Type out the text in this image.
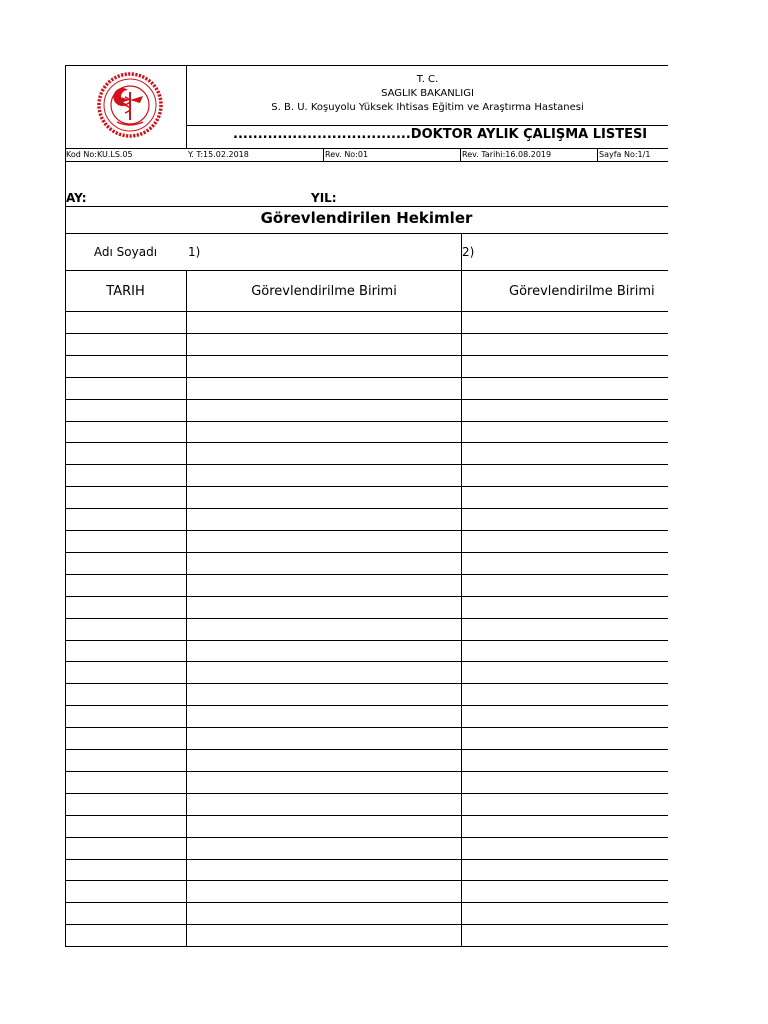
T. C.
SAĞLIK BAKANLIĞI
S. B. Ü. Koşuyolu Yüksek İhtisas Eğitim ve Araştırma Hastanesi
....................................DOKTOR AYLIK ÇALIŞMA LİSTESİ
Kod No:KU.LS.05	Y. T:15.02.2018	Rev. No:01	Rev. Tarihi:16.08.2019	Sayfa No:1/1
AY:	YIL:
Görevlendirilen Hekimler
Adı Soyadı	1)	2)
TARİH	Görevlendirilme Birimi	Görevlendirilme Birimi
